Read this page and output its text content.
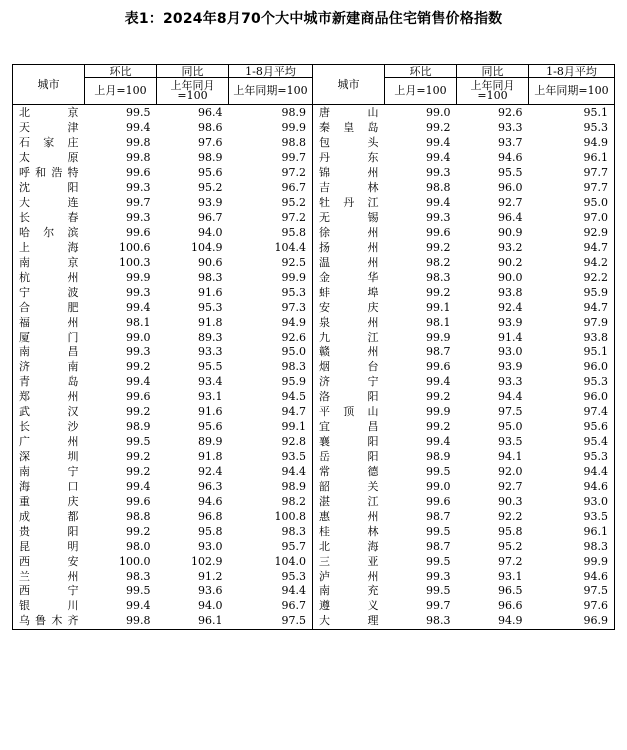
表1：2024年8月70个大中城市新建商品住宅销售价格指数
城市	环比	同比	1-8月平均	城市	环比	同比	1-8月平均
	上月=100	上年同月=100	上年同期=100		上月=100	上年同月=100	上年同期=100
北京	99.5	96.4	98.9	唐山	99.0	92.6	95.1
天津	99.4	98.6	99.9	秦皇岛	99.2	93.3	95.3
石家庄	99.8	97.6	98.8	包头	99.4	93.7	94.9
太原	99.8	98.9	99.7	丹东	99.4	94.6	96.1
呼和浩特	99.6	95.6	97.2	锦州	99.3	95.5	97.7
沈阳	99.3	95.2	96.7	吉林	98.8	96.0	97.7
大连	99.7	93.9	95.2	牡丹江	99.4	92.7	95.0
长春	99.3	96.7	97.2	无锡	99.3	96.4	97.0
哈尔滨	99.6	94.0	95.8	徐州	99.6	90.9	92.9
上海	100.6	104.9	104.4	扬州	99.2	93.2	94.7
南京	100.3	90.6	92.5	温州	98.2	90.2	94.2
杭州	99.9	98.3	99.9	金华	98.3	90.0	92.2
宁波	99.3	91.6	95.3	蚌埠	99.2	93.8	95.9
合肥	99.4	95.3	97.3	安庆	99.1	92.4	94.7
福州	98.1	91.8	94.9	泉州	98.1	93.9	97.9
厦门	99.0	89.3	92.6	九江	99.9	91.4	93.8
南昌	99.3	93.3	95.0	赣州	98.7	93.0	95.1
济南	99.2	95.5	98.3	烟台	99.6	93.9	96.0
青岛	99.4	93.4	95.9	济宁	99.4	93.3	95.3
郑州	99.6	93.1	94.5	洛阳	99.2	94.4	96.0
武汉	99.2	91.6	94.7	平顶山	99.9	97.5	97.4
长沙	98.9	95.6	99.1	宜昌	99.2	95.0	95.6
广州	99.5	89.9	92.8	襄阳	99.4	93.5	95.4
深圳	99.2	91.8	93.5	岳阳	98.9	94.1	95.3
南宁	99.2	92.4	94.4	常德	99.5	92.0	94.4
海口	99.4	96.3	98.9	韶关	99.0	92.7	94.6
重庆	99.6	94.6	98.2	湛江	99.6	90.3	93.0
成都	98.8	96.8	100.8	惠州	98.7	92.2	93.5
贵阳	99.2	95.8	98.3	桂林	99.5	95.8	96.1
昆明	98.0	93.0	95.7	北海	98.7	95.2	98.3
西安	100.0	102.9	104.0	三亚	99.5	97.2	99.9
兰州	98.3	91.2	95.3	泸州	99.3	93.1	94.6
西宁	99.5	93.6	94.4	南充	99.5	96.5	97.5
银川	99.4	94.0	96.7	遵义	99.7	96.6	97.6
乌鲁木齐	99.8	96.1	97.5	大理	98.3	94.9	96.9
